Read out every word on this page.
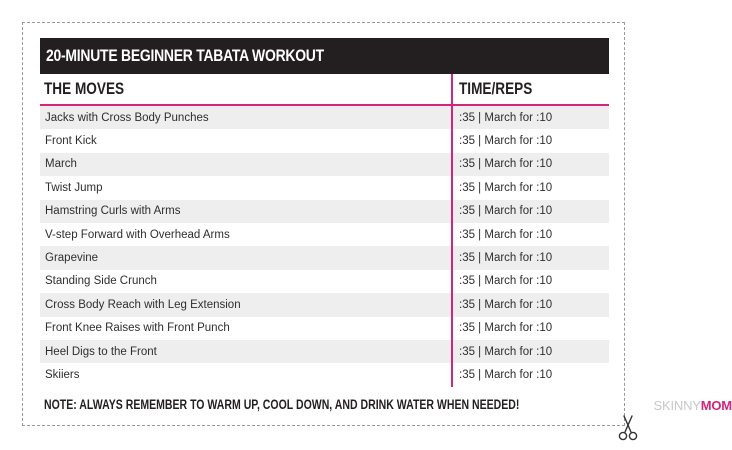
20-MINUTE BEGINNER TABATA WORKOUT
THE MOVES	TIME/REPS
Jacks with Cross Body Punches	:35 | March for :10
Front Kick	:35 | March for :10
March	:35 | March for :10
Twist Jump	:35 | March for :10
Hamstring Curls with Arms	:35 | March for :10
V-step Forward with Overhead Arms	:35 | March for :10
Grapevine	:35 | March for :10
Standing Side Crunch	:35 | March for :10
Cross Body Reach with Leg Extension	:35 | March for :10
Front Knee Raises with Front Punch	:35 | March for :10
Heel Digs to the Front	:35 | March for :10
Skiiers	:35 | March for :10
NOTE: ALWAYS REMEMBER TO WARM UP, COOL DOWN, AND DRINK WATER WHEN NEEDED!	SKINNYMOM
